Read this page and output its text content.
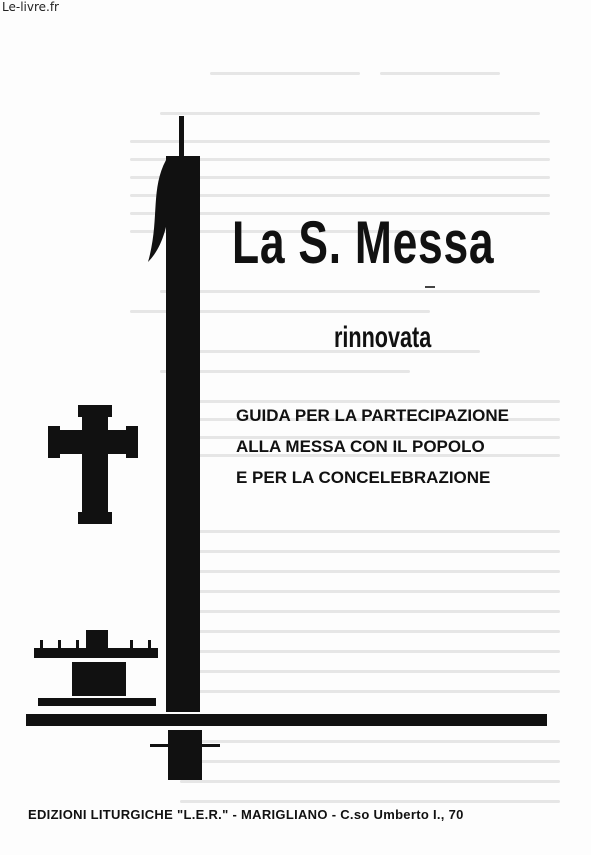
Le-livre.fr
La S. Messa
rinnovata
GUIDA PER LA PARTECIPAZIONE
ALLA MESSA CON IL POPOLO
E PER LA CONCELEBRAZIONE
EDIZIONI LITURGICHE "L.E.R." - MARIGLIANO - C.so Umberto I., 70
